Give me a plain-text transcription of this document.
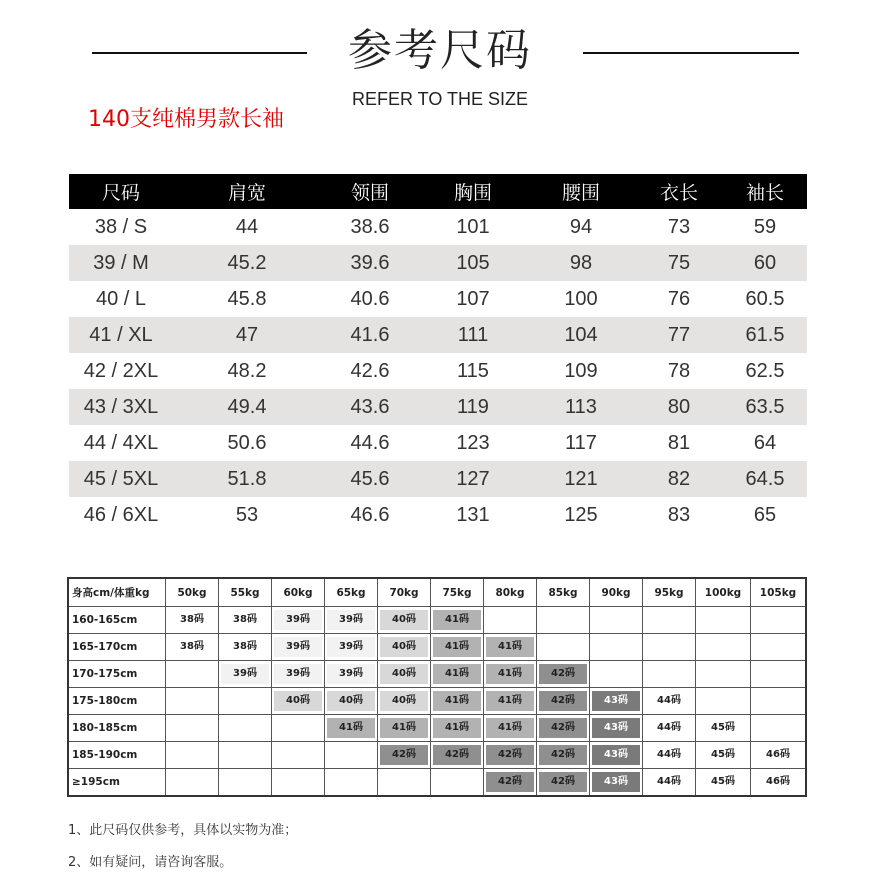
参考尺码
REFER TO THE SIZE
140支纯棉男款长袖
尺码	肩宽	领围	胸围	腰围	衣长	袖长
38 / S	44	38.6	101	94	73	59
39 / M	45.2	39.6	105	98	75	60
40 / L	45.8	40.6	107	100	76	60.5
41 / XL	47	41.6	111	104	77	61.5
42 / 2XL	48.2	42.6	115	109	78	62.5
43 / 3XL	49.4	43.6	119	113	80	63.5
44 / 4XL	50.6	44.6	123	117	81	64
45 / 5XL	51.8	45.6	127	121	82	64.5
46 / 6XL	53	46.6	131	125	83	65
身高cm/体重kg	50kg	55kg	60kg	65kg	70kg	75kg	80kg	85kg	90kg	95kg	100kg	105kg
160-165cm	38码	38码	39码	39码	40码	41码						
165-170cm	38码	38码	39码	39码	40码	41码	41码					
170-175cm		39码	39码	39码	40码	41码	41码	42码				
175-180cm			40码	40码	40码	41码	41码	42码	43码	44码		
180-185cm				41码	41码	41码	41码	42码	43码	44码	45码	
185-190cm					42码	42码	42码	42码	43码	44码	45码	46码
≥195cm							42码	42码	43码	44码	45码	46码
1、此尺码仅供参考，具体以实物为准；
2、如有疑问，请咨询客服。
